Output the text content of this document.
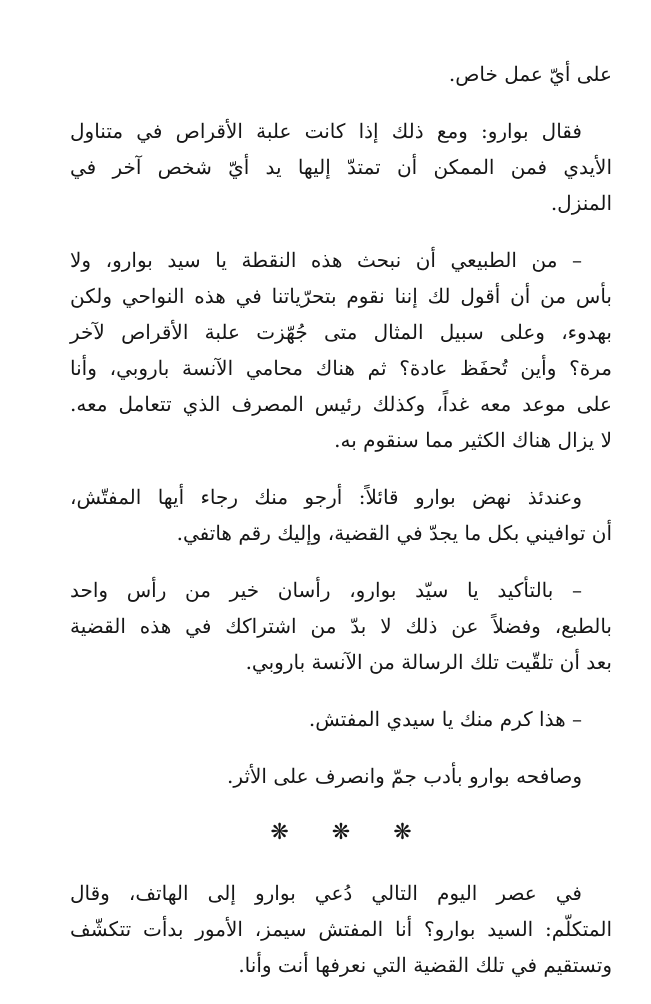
على أيّ عمل خاص.

فقال بوارو: ومع ذلك إذا كانت علبة الأقراص في متناول
الأيدي فمن الممكن أن تمتدّ إليها يد أيّ شخص آخر في
المنزل.

– من الطبيعي أن نبحث هذه النقطة يا سيد بوارو، ولا
بأس من أن أقول لك إننا نقوم بتحرّياتنا في هذه النواحي ولكن
بهدوء، وعلى سبيل المثال متى جُهّزت علبة الأقراص لآخر
مرة؟ وأين تُحفَظ عادة؟ ثم هناك محامي الآنسة باروبي، وأنا
على موعد معه غداً، وكذلك رئيس المصرف الذي تتعامل معه.
لا يزال هناك الكثير مما سنقوم به.

وعندئذ نهض بوارو قائلاً: أرجو منك رجاء أيها المفتّش،
أن توافيني بكل ما يجدّ في القضية، وإليك رقم هاتفي.

– بالتأكيد يا سيّد بوارو، رأسان خير من رأس واحد
بالطبع، وفضلاً عن ذلك لا بدّ من اشتراكك في هذه القضية
بعد أن تلقّيت تلك الرسالة من الآنسة باروبي.

– هذا كرم منك يا سيدي المفتش.

وصافحه بوارو بأدب جمّ وانصرف على الأثر.

❋ ❋ ❋

في عصر اليوم التالي دُعي بوارو إلى الهاتف، وقال
المتكلّم: السيد بوارو؟ أنا المفتش سيمز، الأمور بدأت تتكشّف
وتستقيم في تلك القضية التي نعرفها أنت وأنا.
